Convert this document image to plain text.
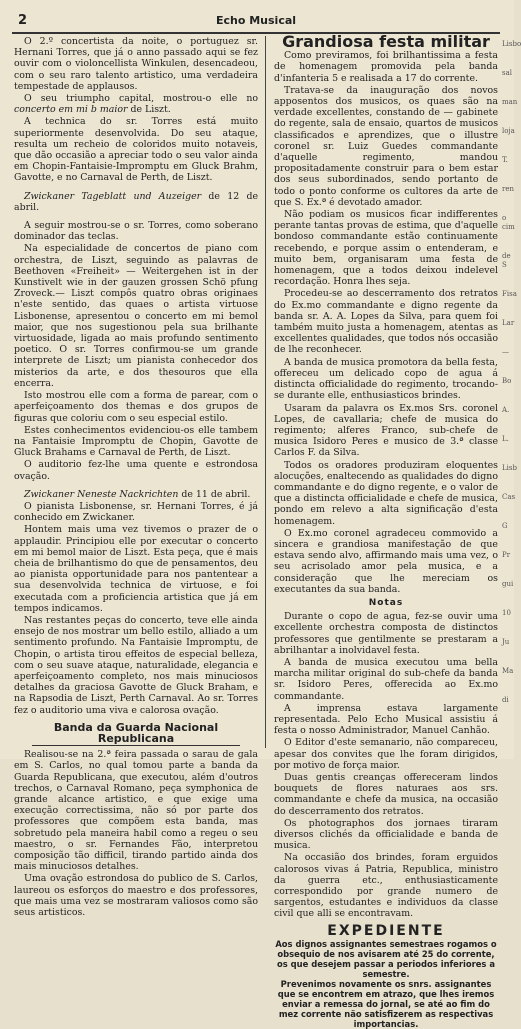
2	Echo Musical

O 2.º concertista da noite, o portuguez sr. Hernani Torres, que já o anno passado aqui se fez ouvir com o violoncellista Winkulen, desencadeou, com o seu raro talento artistico, uma verdadeira tempestade de applausos.

O seu triumpho capital, mostrou-o elle no concerto em mi b maior de Liszt.

A technica do sr. Torres está muito superiormente desenvolvida. Do seu ataque, resulta um recheio de coloridos muito notaveis, que dão occasião a apreciar todo o seu valor ainda em Chopin-Fantaisie-Impromptu em Gluck Brahm, Gavotte, e no Carnaval de Perth, de Liszt.

Zwickaner Tageblatt und Auzeiger de 12 de abril.

A seguir mostrou-se o sr. Torres, como soberano dominador das teclas.

Na especialidade de concertos de piano com orchestra, de Liszt, seguindo as palavras de Beethoven «Freiheit» — Weitergehen ist in der Kunstivelt wie in der gauzen grossen Schö pfung Zroveck.— Liszt compôs quatro obras originaes n'este sentido, das quaes o artista virtuose Lisbonense, apresentou o concerto em mi bemol maior, que nos sugestionou pela sua brilhante virtuosidade, ligada ao mais profundo sentimento poetico. O sr. Torres confirmou-se um grande interprete de Liszt; um pianista conhecedor dos misterios da arte, e dos thesouros que ella encerra.

Isto mostrou elle com a forma de parear, com o aperfeiçoamento dos themas e dos grupos de figuras que coloriu com o seu especial estilo.

Estes conhecimentos evidenciou-os elle tambem na Fantaisie Impromptu de Chopin, Gavotte de Gluck Brahams e Carnaval de Perth, de Liszt.

O auditorio fez-lhe uma quente e estrondosa ovação.

Zwickaner Neneste Nackrichten de 11 de abril.

O pianista Lisbonense, sr. Hernani Torres, é já conhecido em Zwickaner.

Hontem mais uma vez tivemos o prazer de o applaudir. Principiou elle por executar o concerto em mi bemol maior de Liszt. Esta peça, que é mais cheia de brilhantismo do que de pensamentos, deu ao pianista opportunidade para nos pantentear a sua desenvolvida technica de virtuose, e foi executada com a proficiencia artistica que já em tempos indicamos.

Nas restantes peças do concerto, teve elle ainda ensejo de nos mostrar um bello estilo, alliado a um sentimento profundo. Na Fantaisie Impromptu, de Chopin, o artista tirou effeitos de especial belleza, com o seu suave ataque, naturalidade, elegancia e aperfeiçoamento completo, nos mais minuciosos detalhes da graciosa Gavotte de Gluck Braham, e na Rapsodia de Liszt, Perth Carnaval. Ao sr. Torres fez o auditorio uma viva e calorosa ovação.

Banda da Guarda Nacional Republicana

Realisou-se na 2.ª feira passada o sarau de gala em S. Carlos, no qual tomou parte a banda da Guarda Republicana, que executou, além d'outros trechos, o Carnaval Romano, peça symphonica de grande alcance artistico, e que exige uma execução correctissima, não só por parte dos professores que compõem esta banda, mas sobretudo pela maneira habil como a regeu o seu maestro, o sr. Fernandes Fão, interpretou composição tão difficil, tirando partido ainda dos mais minuciosos detalhes.

Uma ovação estrondosa do publico de S. Carlos, laureou os esforços do maestro e dos professores, que mais uma vez se mostraram valiosos como são seus artisticos.

Grandiosa festa militar

Como previramos, foi brilhantissima a festa de homenagem promovida pela banda d'infanteria 5 e realisada a 17 do corrente.

Tratava-se da inauguração dos novos apposentos dos musicos, os quaes são na verdade excellentes, constando de — gabinete do regente, sala de ensaio, quartos de musicos classificados e aprendizes, que o illustre coronel sr. Luiz Guedes commandante d'aquelle regimento, mandou propositadamente construir para o bem estar dos seus subordinados, sendo portanto de todo o ponto conforme os cultores da arte de que S. Ex.ª é devotado amador.

Não podiam os musicos ficar indifferentes perante tantas provas de estima, que d'aquelle bondoso commandante estão continuamente recebendo, e porque assim o entenderam, e muito bem, organisaram uma festa de homenagem, que a todos deixou indelevel recordação. Honra lhes seja.

Procedeu-se ao descerramento dos retratos do Ex.mo commandante e digno regente da banda sr. A. A. Lopes da Silva, para quem foi também muito justa a homenagem, atentas as excellentes qualidades, que todos nós occasião de lhe reconhecer.

A banda de musica promotora da bella festa, offereceu um delicado copo de agua á distincta officialidade do regimento, trocando-se durante elle, enthusiasticos brindes.

Usaram da palavra os Ex.mos Srs. coronel Lopes, de cavallaria; chefe de musica do regimento; alferes Franco, sub-chefe de musica Isidoro Peres e musico de 3.ª classe Carlos F. da Silva.

Todos os oradores produziram eloquentes alocuções, enaltecendo as qualidades do digno commandante e do digno regente, e o valor de que a distincta officialidade e chefe de musica, pondo em relevo a alta significação d'esta homenagem.

O Ex.mo coronel agradeceu commovido a sincera e grandiosa manifestação de que estava sendo alvo, affirmando mais uma vez, o seu acrisolado amor pela musica, e a consideração que lhe mereciam os executantes da sua banda.

Notas

Durante o copo de agua, fez-se ouvir uma excellente orchestra composta de distinctos professores que gentilmente se prestaram a abrilhantar a inolvidavel festa.

A banda de musica executou uma bella marcha militar original do sub-chefe da banda sr. Isidoro Peres, offerecida ao Ex.mo commandante.

A imprensa estava largamente representada. Pelo Echo Musical assistiu á festa o nosso Administrador, Manuel Canhão.

O Editor d'este semanario, não compareceu, apesar dos convites que lhe foram dirigidos, por motivo de força maior.

Duas gentis creanças offereceram lindos bouquets de flores naturaes aos srs. commandante e chefe da musica, na occasião do descerramento dos retratos.

Os photographos dos jornaes tiraram diversos clichés da officialidade e banda de musica.

Na occasião dos brindes, foram erguidos calorosos vivas á Patria, Republica, ministro da guerra etc., enthusiasticamente correspondido por grande numero de sargentos, estudantes e individuos da classe civil que alli se encontravam.

EXPEDIENTE

Aos dignos assignantes semestraes rogamos o obsequio de nos avisarem até 25 do corrente, os que desejem passar a periodos inferiores a semestre.

Prevenimos novamente os snrs. assignantes que se encontrem em atrazo, que lhes iremos enviar a remessa do jornal, se até ao fim do mez corrente não satisfizerem as respectivas importancias.

Lisbo
sal
man
loja
T.
ren
o cim
de S
Fisa
Lar
—
Bo
A.
L.
Lisb
Cas
G
Pr
gui
10
Ju
Ma
di
